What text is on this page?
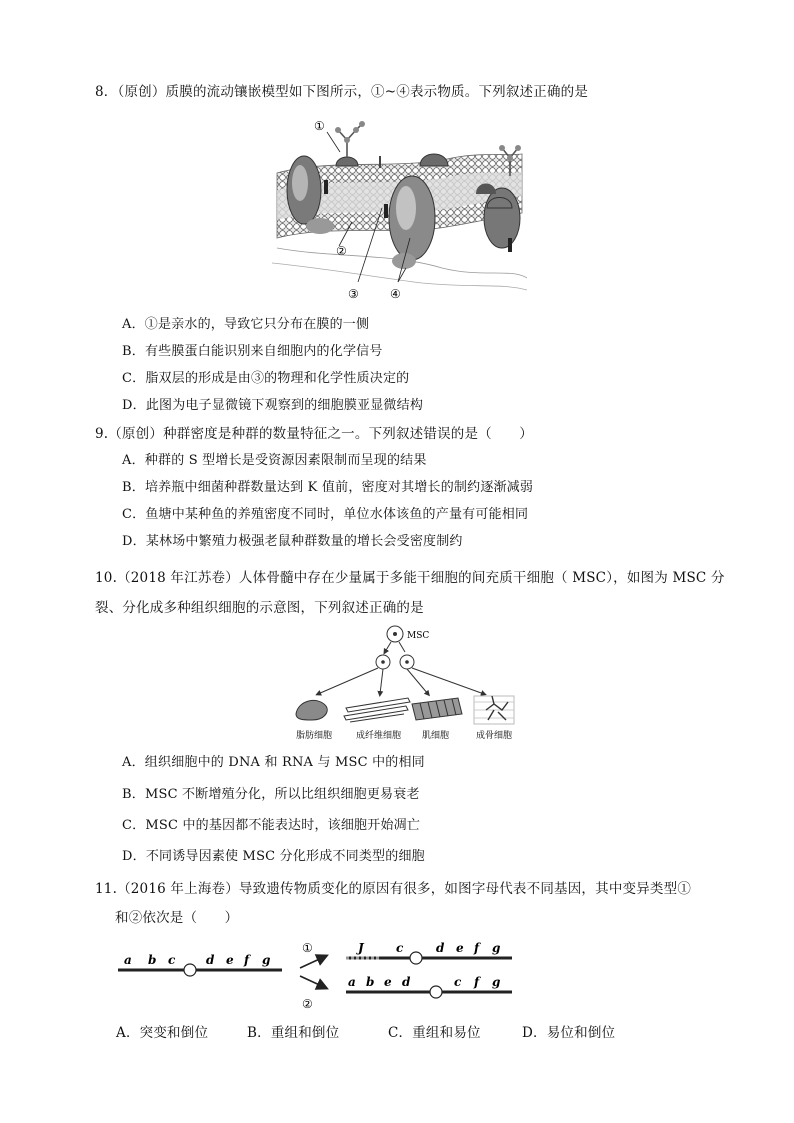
8．（原创）质膜的流动镶嵌模型如下图所示，①~④表示物质。下列叙述正确的是
①
②
③	④
A．①是亲水的，导致它只分布在膜的一侧
B．有些膜蛋白能识别来自细胞内的化学信号
C．脂双层的形成是由③的物理和化学性质决定的
D．此图为电子显微镜下观察到的细胞膜亚显微结构
9.（原创）种群密度是种群的数量特征之一。下列叙述错误的是（　　）
A．种群的 S 型增长是受资源因素限制而呈现的结果
B．培养瓶中细菌种群数量达到 K 值前，密度对其增长的制约逐渐减弱
C．鱼塘中某种鱼的养殖密度不同时，单位水体该鱼的产量有可能相同
D．某林场中繁殖力极强老鼠种群数量的增长会受密度制约
10.（2018 年江苏卷）人体骨髓中存在少量属于多能干细胞的间充质干细胞（ MSC），如图为 MSC 分
裂、分化成多种组织细胞的示意图，下列叙述正确的是
MSC
脂肪细胞	成纤维细胞 肌细胞	成骨细胞
A．组织细胞中的 DNA 和 RNA 与 MSC 中的相同
B．MSC 不断增殖分化，所以比组织细胞更易衰老
C．MSC 中的基因都不能表达时，该细胞开始凋亡
D．不同诱导因素使 MSC 分化形成不同类型的细胞
11.（2016 年上海卷）导致遗传物质变化的原因有很多，如图字母代表不同基因，其中变异类型①
和②依次是（　　）
a b c	d e f g
①
②
J	c	d e f g
a b e d	c f g
A．突变和倒位	B．重组和倒位	C．重组和易位	D．易位和倒位
